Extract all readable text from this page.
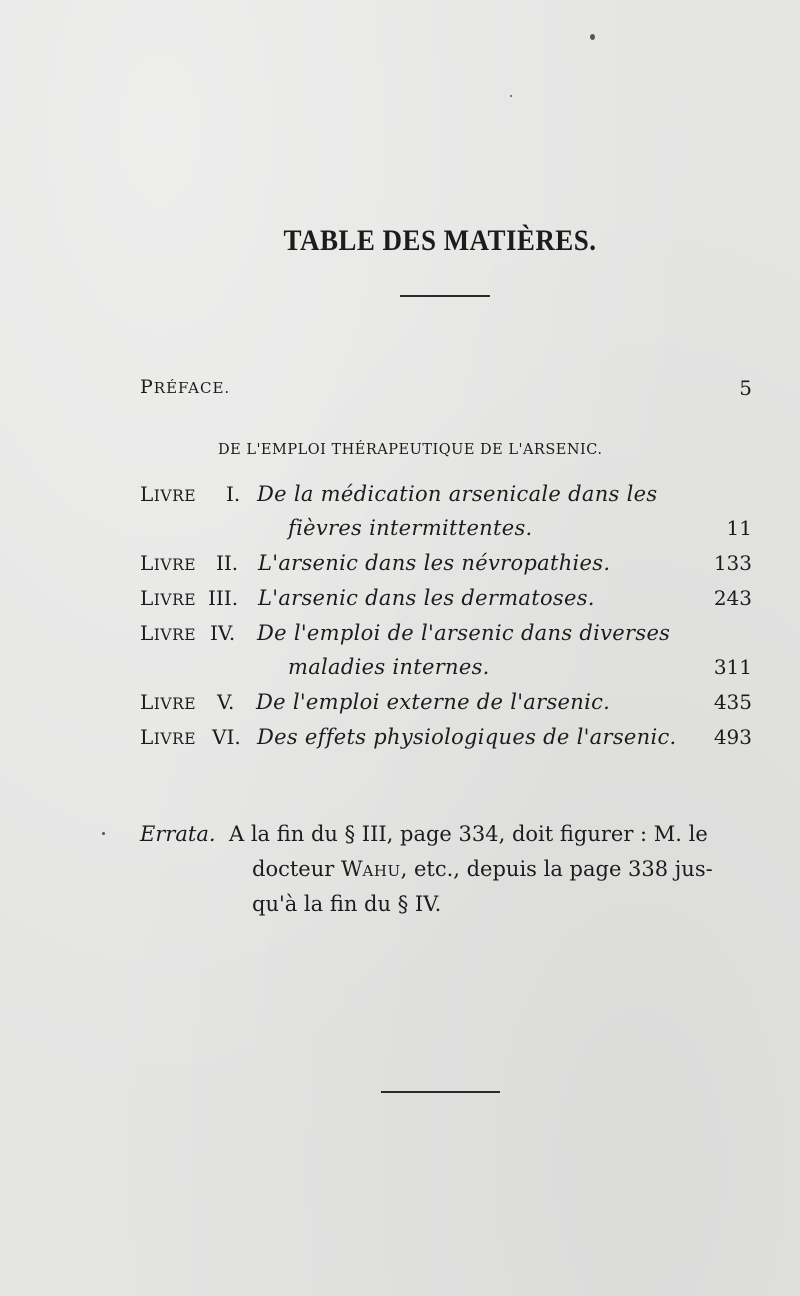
TABLE DES MATIÈRES.
PRÉFACE.	5
DE L'EMPLOI THÉRAPEUTIQUE DE L'ARSENIC.
LIVRE I. De la médication arsenicale dans les
fièvres intermittentes.	11
LIVRE II. L'arsenic dans les névropathies.	133
LIVRE III. L'arsenic dans les dermatoses.	243
LIVRE IV. De l'emploi de l'arsenic dans diverses
maladies internes.	311
LIVRE V. De l'emploi externe de l'arsenic.	435
LIVRE VI. Des effets physiologiques de l'arsenic. 493
Errata. A la fin du § III, page 334, doit figurer : M. le
docteur WAHU, etc., depuis la page 338 jus-
qu'à la fin du § IV.
